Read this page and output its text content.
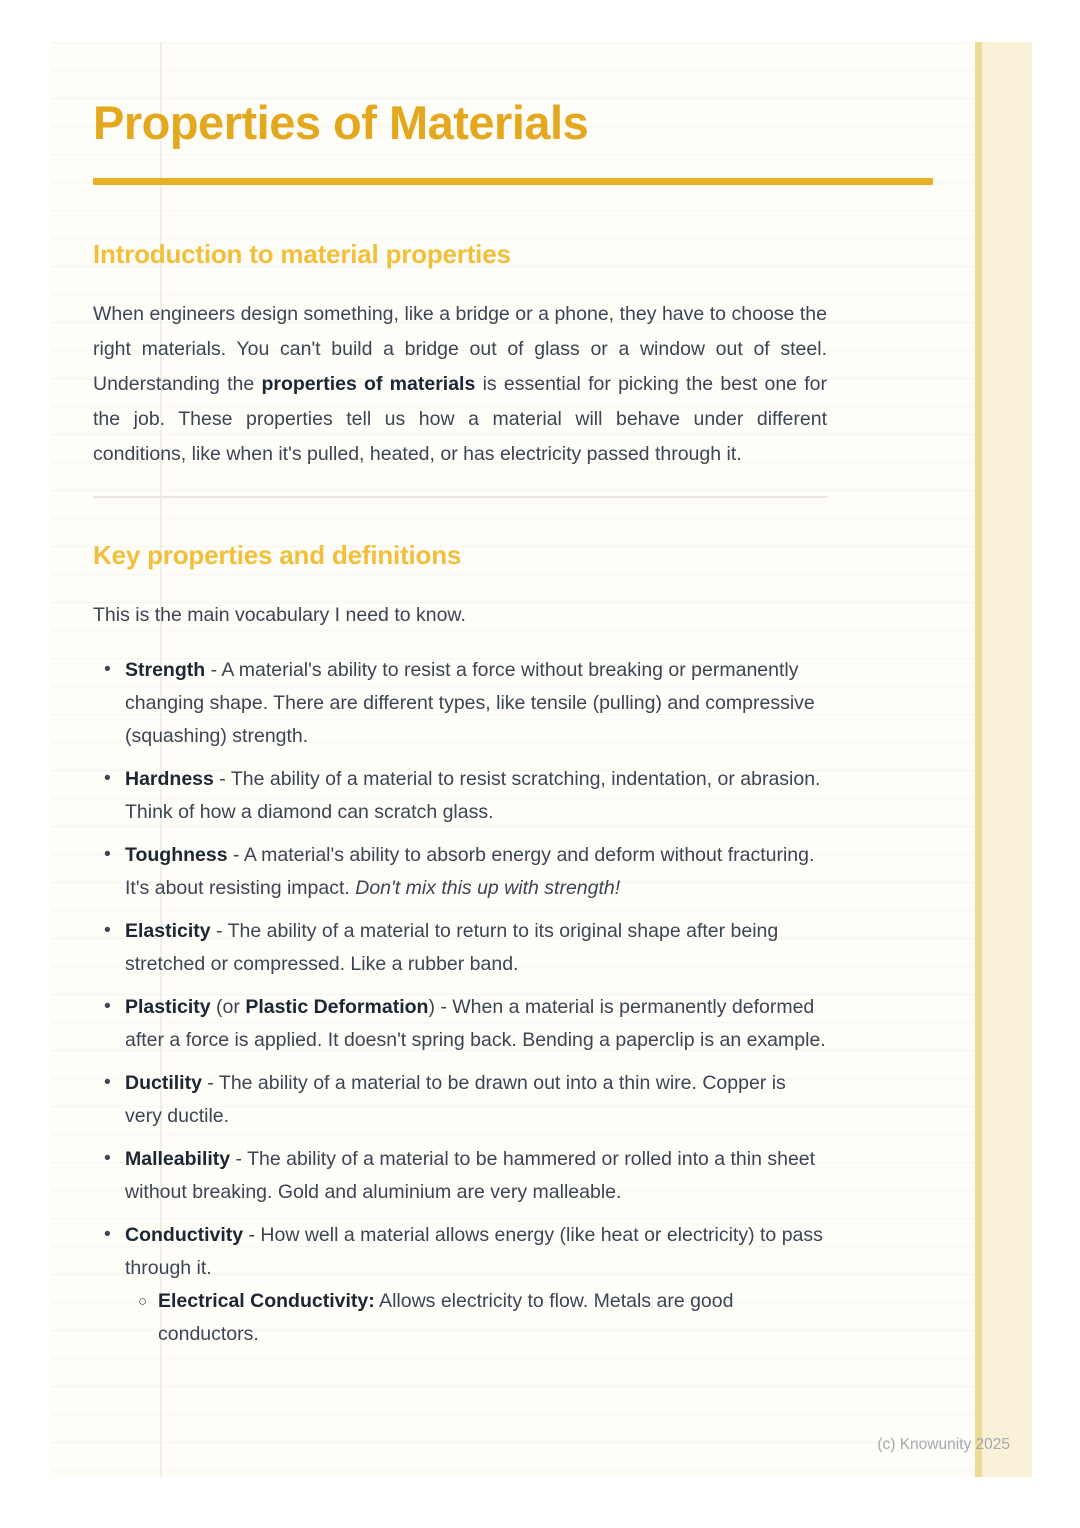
Properties of Materials
Introduction to material properties

When engineers design something, like a bridge or a phone, they have to choose the right materials. You can't build a bridge out of glass or a window out of steel. Understanding the properties of materials is essential for picking the best one for the job. These properties tell us how a material will behave under different conditions, like when it's pulled, heated, or has electricity passed through it.

Key properties and definitions

This is the main vocabulary I need to know.

• Strength - A material's ability to resist a force without breaking or permanently changing shape. There are different types, like tensile (pulling) and compressive (squashing) strength.
• Hardness - The ability of a material to resist scratching, indentation, or abrasion. Think of how a diamond can scratch glass.
• Toughness - A material's ability to absorb energy and deform without fracturing. It's about resisting impact. Don't mix this up with strength!
• Elasticity - The ability of a material to return to its original shape after being stretched or compressed. Like a rubber band.
• Plasticity (or Plastic Deformation) - When a material is permanently deformed after a force is applied. It doesn't spring back. Bending a paperclip is an example.
• Ductility - The ability of a material to be drawn out into a thin wire. Copper is very ductile.
• Malleability - The ability of a material to be hammered or rolled into a thin sheet without breaking. Gold and aluminium are very malleable.
• Conductivity - How well a material allows energy (like heat or electricity) to pass through it.
○ Electrical Conductivity: Allows electricity to flow. Metals are good conductors.
(c) Knowunity 2025
